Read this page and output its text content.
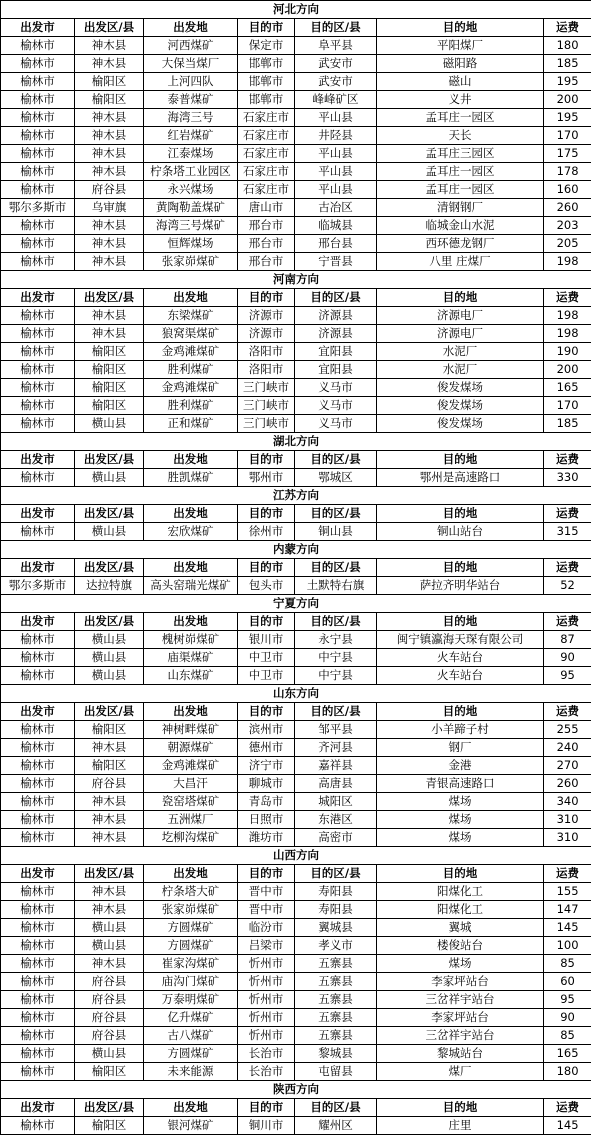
河北方向						
出发市	出发区/县	出发地	目的市	目的区/县	目的地	运费
榆林市	神木县	河西煤矿	保定市	阜平县	平阳煤厂	180
榆林市	神木县	大保当煤厂	邯郸市	武安市	磁阳路	185
榆林市	榆阳区	上河四队	邯郸市	武安市	磁山	195
榆林市	榆阳区	泰普煤矿	邯郸市	峰峰矿区	义井	200
榆林市	神木县	海湾三号	石家庄市	平山县	孟耳庄一园区	195
榆林市	神木县	红岩煤矿	石家庄市	井陉县	天长	170
榆林市	神木县	江泰煤场	石家庄市	平山县	孟耳庄三园区	175
榆林市	神木县	柠条塔工业园区	石家庄市	平山县	孟耳庄一园区	178
榆林市	府谷县	永兴煤场	石家庄市	平山县	孟耳庄一园区	160
鄂尔多斯市	乌审旗	黄陶勒盖煤矿	唐山市	古冶区	清钢钢厂	260
榆林市	神木县	海湾三号煤矿	邢台市	临城县	临城金山水泥	203
榆林市	神木县	恒辉煤场	邢台市	邢台县	西环德龙钢厂	205
榆林市	神木县	张家峁煤矿	邢台市	宁晋县	八里 庄煤厂	198
河南方向						
出发市	出发区/县	出发地	目的市	目的区/县	目的地	运费
榆林市	神木县	东梁煤矿	济源市	济源县	济源电厂	198
榆林市	神木县	狼窝渠煤矿	济源市	济源县	济源电厂	198
榆林市	榆阳区	金鸡滩煤矿	洛阳市	宜阳县	水泥厂	190
榆林市	榆阳区	胜利煤矿	洛阳市	宜阳县	水泥厂	200
榆林市	榆阳区	金鸡滩煤矿	三门峡市	义马市	俊发煤场	165
榆林市	榆阳区	胜利煤矿	三门峡市	义马市	俊发煤场	170
榆林市	横山县	正和煤矿	三门峡市	义马市	俊发煤场	185
湖北方向						
出发市	出发区/县	出发地	目的市	目的区/县	目的地	运费
榆林市	横山县	胜凯煤矿	鄂州市	鄂城区	鄂州是高速路口	330
江苏方向						
出发市	出发区/县	出发地	目的市	目的区/县	目的地	运费
榆林市	横山县	宏欣煤矿	徐州市	铜山县	铜山站台	315
内蒙方向						
出发市	出发区/县	出发地	目的市	目的区/县	目的地	运费
鄂尔多斯市	达拉特旗	高头窑瑞光煤矿	包头市	土默特右旗	萨拉齐明华站台	52
宁夏方向						
出发市	出发区/县	出发地	目的市	目的区/县	目的地	运费
榆林市	横山县	槐树峁煤矿	银川市	永宁县	闽宁镇瀛海天琛有限公司	87
榆林市	横山县	庙渠煤矿	中卫市	中宁县	火车站台	90
榆林市	横山县	山东煤矿	中卫市	中宁县	火车站台	95
山东方向						
出发市	出发区/县	出发地	目的市	目的区/县	目的地	运费
榆林市	榆阳区	神树畔煤矿	滨州市	邹平县	小羊蹄子村	255
榆林市	神木县	朝源煤矿	德州市	齐河县	钢厂	240
榆林市	榆阳区	金鸡滩煤矿	济宁市	嘉祥县	金港	270
榆林市	府谷县	大昌汗	聊城市	高唐县	青银高速路口	260
榆林市	神木县	瓷窑塔煤矿	青岛市	城阳区	煤场	340
榆林市	神木县	五洲煤厂	日照市	东港区	煤场	310
榆林市	神木县	圪柳沟煤矿	潍坊市	高密市	煤场	310
山西方向						
出发市	出发区/县	出发地	目的市	目的区/县	目的地	运费
榆林市	神木县	柠条塔大矿	晋中市	寿阳县	阳煤化工	155
榆林市	神木县	张家峁煤矿	晋中市	寿阳县	阳煤化工	147
榆林市	横山县	方圆煤矿	临汾市	翼城县	翼城	145
榆林市	横山县	方圆煤矿	吕梁市	孝义市	楼俊站台	100
榆林市	神木县	崔家沟煤矿	忻州市	五寨县	煤场	85
榆林市	府谷县	庙沟门煤矿	忻州市	五寨县	李家坪站台	60
榆林市	府谷县	万泰明煤矿	忻州市	五寨县	三岔祥宇站台	95
榆林市	府谷县	亿升煤矿	忻州市	五寨县	李家坪站台	90
榆林市	府谷县	古八煤矿	忻州市	五寨县	三岔祥宇站台	85
榆林市	横山县	方圆煤矿	长治市	黎城县	黎城站台	165
榆林市	榆阳区	未来能源	长治市	屯留县	煤厂	180
陕西方向						
出发市	出发区/县	出发地	目的市	目的区/县	目的地	运费
榆林市	榆阳区	银河煤矿	铜川市	耀州区	庄里	145
